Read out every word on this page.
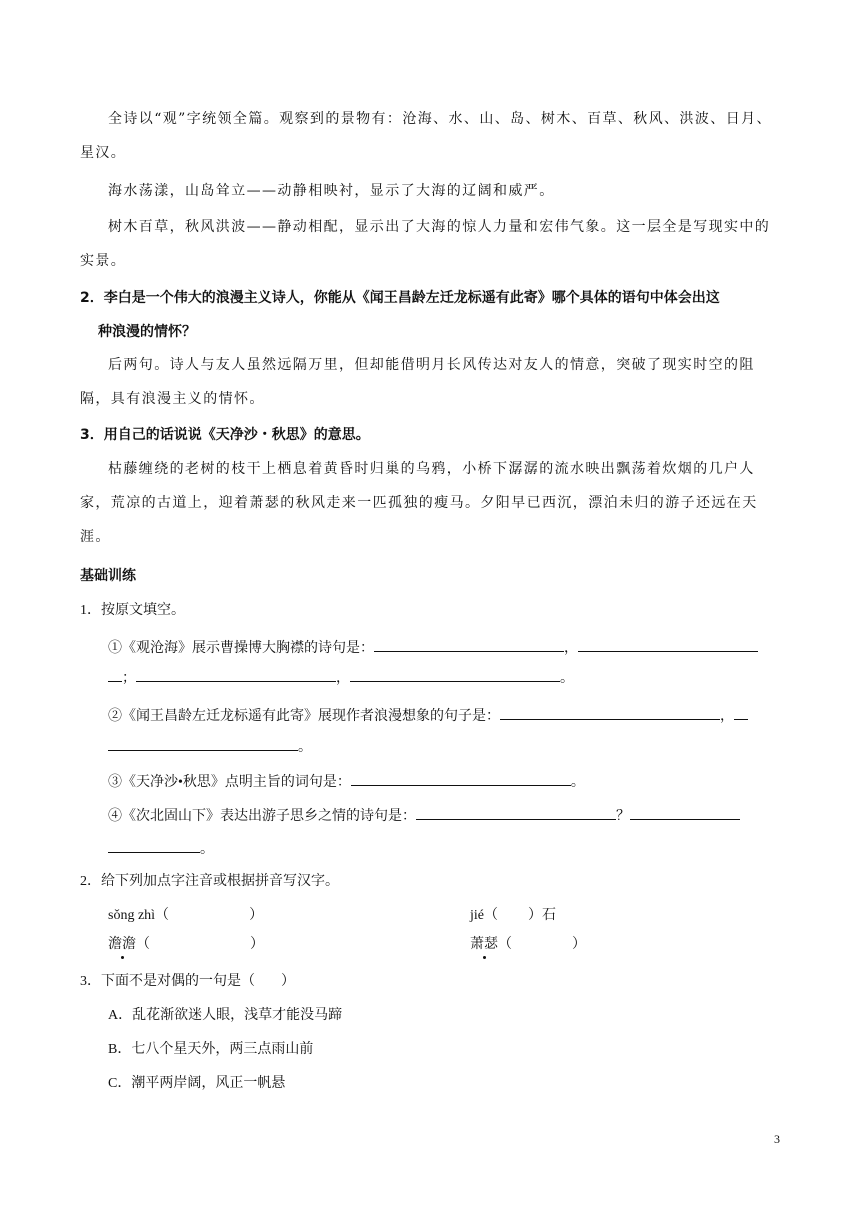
全诗以“观”字统领全篇。观察到的景物有：沧海、水、山、岛、树木、百草、秋风、洪波、日月、星汉。

海水荡漾，山岛耸立——动静相映衬，显示了大海的辽阔和威严。

树木百草，秋风洪波——静动相配，显示出了大海的惊人力量和宏伟气象。这一层全是写现实中的实景。

2．李白是一个伟大的浪漫主义诗人，你能从《闻王昌龄左迁龙标遥有此寄》哪个具体的语句中体会出这

种浪漫的情怀？

后两句。诗人与友人虽然远隔万里，但却能借明月长风传达对友人的情意，突破了现实时空的阻隔，具有浪漫主义的情怀。

3．用自己的话说说《天净沙・秋思》的意思。

枯藤缠绕的老树的枝干上栖息着黄昏时归巢的乌鸦，小桥下潺潺的流水映出飘荡着炊烟的几户人家，荒凉的古道上，迎着萧瑟的秋风走来一匹孤独的瘦马。夕阳早已西沉，漂泊未归的游子还远在天涯。

基础训练
1．按原文填空。
①《观沧海》展示曹操博大胸襟的诗句是：	，
；	，	。
②《闻王昌龄左迁龙标遥有此寄》展现作者浪漫想象的句子是：	，
。
③《天净沙•秋思》点明主旨的词句是：	。
④《次北固山下》表达出游子思乡之情的诗句是：	？
。
2．给下列加点字注音或根据拼音写汉字。
sǒng zhì（	）	jié（ ）石
澹澹（	）	萧瑟（	）
3．下面不是对偶的一句是（ ）
A．乱花渐欲迷人眼，浅草才能没马蹄
B．七八个星天外，两三点雨山前
C．潮平两岸阔，风正一帆悬
3
